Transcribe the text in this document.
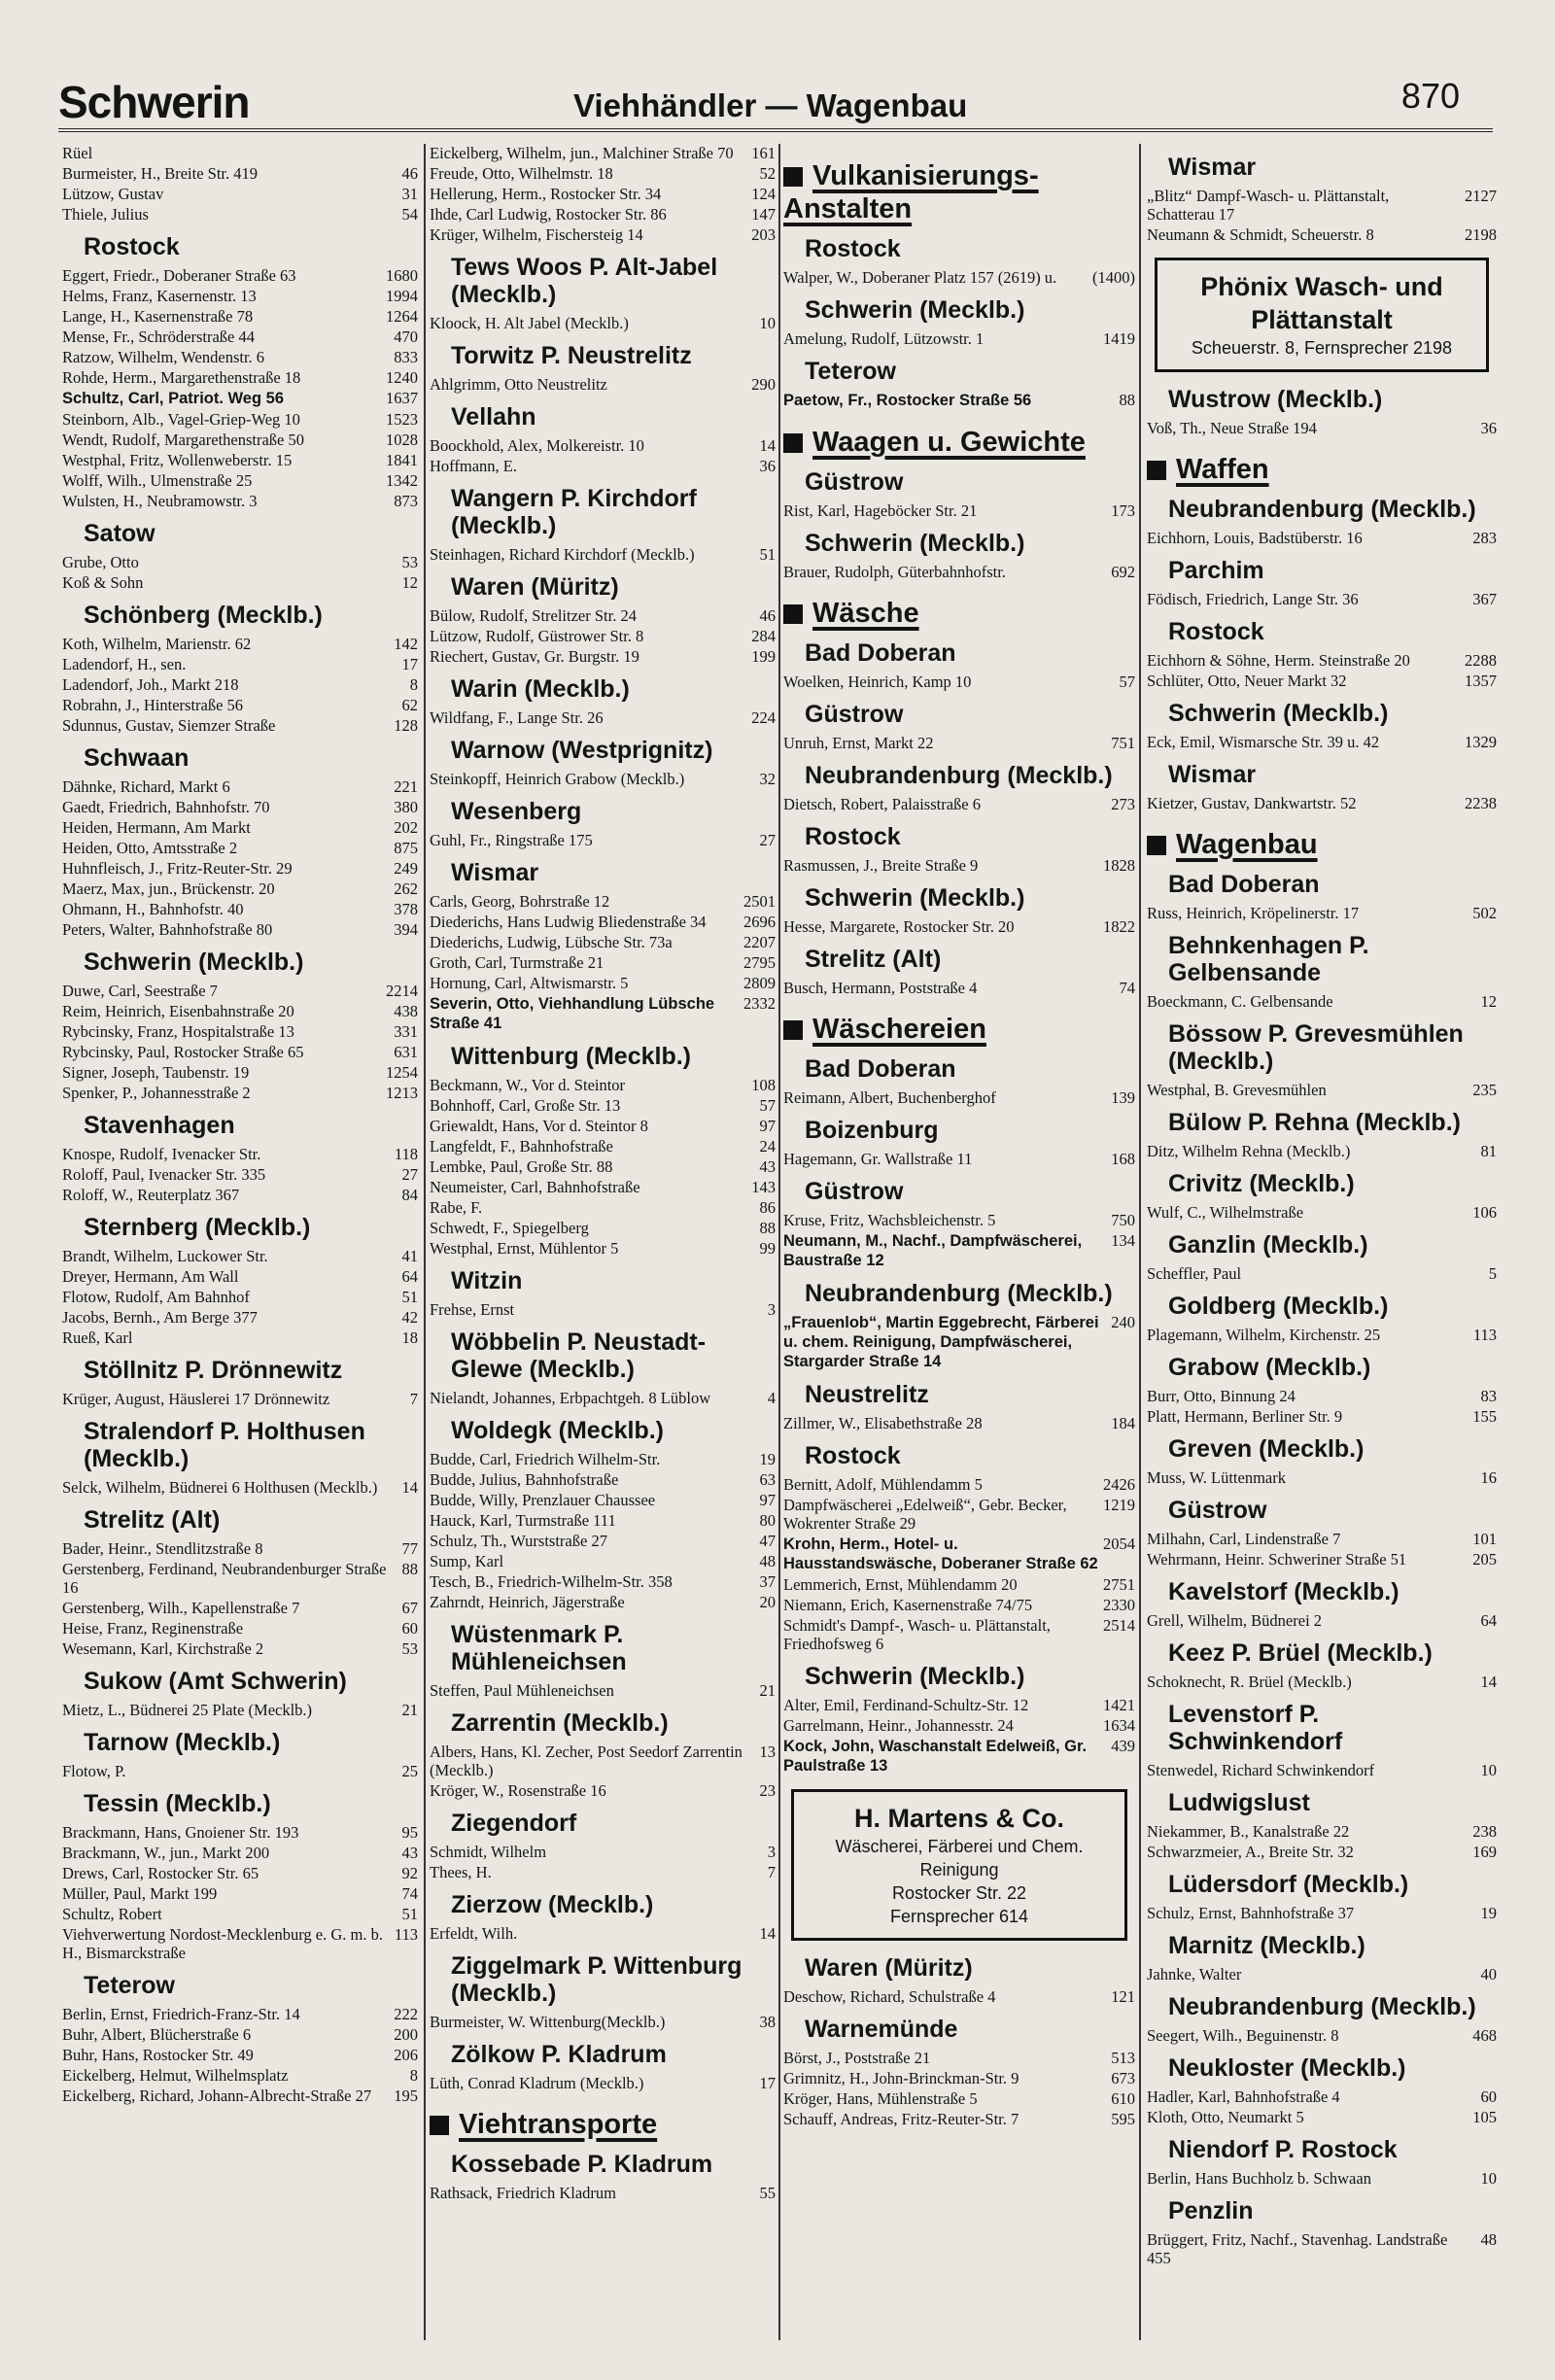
Schwerin	Viehhändler — Wagenbau	870
Rüel
46
Burmeister, H., Breite Str. 419
31
Lützow, Gustav
54
Thiele, Julius
Rostock
1680
Eggert, Friedr., Doberaner Straße 63
1994
Helms, Franz, Kasernenstr. 13
1264
Lange, H., Kasernenstraße 78
470
Mense, Fr., Schröderstraße 44
833
Ratzow, Wilhelm, Wendenstr. 6
1240
Rohde, Herm., Margarethenstraße 18
1637
Schultz, Carl, Patriot. Weg 56
1523
Steinborn, Alb., Vagel-Griep-Weg 10
1028
Wendt, Rudolf, Margarethenstraße 50
1841
Westphal, Fritz, Wollenweberstr. 15
1342
Wolff, Wilh., Ulmenstraße 25
873
Wulsten, H., Neubramowstr. 3
Satow
53
Grube, Otto
12
Koß & Sohn
Schönberg (Mecklb.)
142
Koth, Wilhelm, Marienstr. 62
17
Ladendorf, H., sen.
8
Ladendorf, Joh., Markt 218
62
Robrahn, J., Hinterstraße 56
128
Sdunnus, Gustav, Siemzer Straße
Schwaan
221
Dähnke, Richard, Markt 6
380
Gaedt, Friedrich, Bahnhofstr. 70
202
Heiden, Hermann, Am Markt
875
Heiden, Otto, Amtsstraße 2
249
Huhnfleisch, J., Fritz-Reuter-Str. 29
262
Maerz, Max, jun., Brückenstr. 20
378
Ohmann, H., Bahnhofstr. 40
394
Peters, Walter, Bahnhofstraße 80
Schwerin (Mecklb.)
2214
Duwe, Carl, Seestraße 7
438
Reim, Heinrich, Eisenbahnstraße 20
331
Rybcinsky, Franz, Hospitalstraße 13
631
Rybcinsky, Paul, Rostocker Straße 65
1254
Signer, Joseph, Taubenstr. 19
1213
Spenker, P., Johannesstraße 2
Stavenhagen
118
Knospe, Rudolf, Ivenacker Str.
27
Roloff, Paul, Ivenacker Str. 335
84
Roloff, W., Reuterplatz 367
Sternberg (Mecklb.)
41
Brandt, Wilhelm, Luckower Str.
64
Dreyer, Hermann, Am Wall
51
Flotow, Rudolf, Am Bahnhof
42
Jacobs, Bernh., Am Berge 377
18
Rueß, Karl
Stöllnitz P. Drönnewitz
7
Krüger, August, Häuslerei 17 Drönnewitz
Stralendorf P. Holthusen (Mecklb.)
14
Selck, Wilhelm, Büdnerei 6 Holthusen (Mecklb.)
Strelitz (Alt)
77
Bader, Heinr., Stendlitzstraße 8
88
Gerstenberg, Ferdinand, Neubrandenburger Straße 16
67
Gerstenberg, Wilh., Kapellenstraße 7
60
Heise, Franz, Reginenstraße
53
Wesemann, Karl, Kirchstraße 2
Sukow (Amt Schwerin)
21
Mietz, L., Büdnerei 25 Plate (Mecklb.)
Tarnow (Mecklb.)
25
Flotow, P.
Tessin (Mecklb.)
95
Brackmann, Hans, Gnoiener Str. 193
43
Brackmann, W., jun., Markt 200
92
Drews, Carl, Rostocker Str. 65
74
Müller, Paul, Markt 199
51
Schultz, Robert
113
Viehverwertung Nordost-Mecklenburg e. G. m. b. H., Bismarckstraße
Teterow
222
Berlin, Ernst, Friedrich-Franz-Str. 14
200
Buhr, Albert, Blücherstraße 6
206
Buhr, Hans, Rostocker Str. 49
8
Eickelberg, Helmut, Wilhelmsplatz
195
Eickelberg, Richard, Johann-Albrecht-Straße 27
161
Eickelberg, Wilhelm, jun., Malchiner Straße 70
52
Freude, Otto, Wilhelmstr. 18
124
Hellerung, Herm., Rostocker Str. 34
147
Ihde, Carl Ludwig, Rostocker Str. 86
203
Krüger, Wilhelm, Fischersteig 14
Tews Woos P. Alt-Jabel (Mecklb.)
10
Kloock, H. Alt Jabel (Mecklb.)
Torwitz P. Neustrelitz
290
Ahlgrimm, Otto Neustrelitz
Vellahn
14
Boockhold, Alex, Molkereistr. 10
36
Hoffmann, E.
Wangern P. Kirchdorf (Mecklb.)
51
Steinhagen, Richard Kirchdorf (Mecklb.)
Waren (Müritz)
46
Bülow, Rudolf, Strelitzer Str. 24
284
Lützow, Rudolf, Güstrower Str. 8
199
Riechert, Gustav, Gr. Burgstr. 19
Warin (Mecklb.)
224
Wildfang, F., Lange Str. 26
Warnow (Westprignitz)
32
Steinkopff, Heinrich Grabow (Mecklb.)
Wesenberg
27
Guhl, Fr., Ringstraße 175
Wismar
2501
Carls, Georg, Bohrstraße 12
2696
Diederichs, Hans Ludwig Bliedenstraße 34
2207
Diederichs, Ludwig, Lübsche Str. 73a
2795
Groth, Carl, Turmstraße 21
2809
Hornung, Carl, Altwismarstr. 5
2332
Severin, Otto, Viehhandlung Lübsche Straße 41
Wittenburg (Mecklb.)
108
Beckmann, W., Vor d. Steintor
57
Bohnhoff, Carl, Große Str. 13
97
Griewaldt, Hans, Vor d. Steintor 8
24
Langfeldt, F., Bahnhofstraße
43
Lembke, Paul, Große Str. 88
143
Neumeister, Carl, Bahnhofstraße
86
Rabe, F.
88
Schwedt, F., Spiegelberg
99
Westphal, Ernst, Mühlentor 5
Witzin
3
Frehse, Ernst
Wöbbelin P. Neustadt-Glewe (Mecklb.)
4
Nielandt, Johannes, Erbpachtgeh. 8 Lüblow
Woldegk (Mecklb.)
19
Budde, Carl, Friedrich Wilhelm-Str.
63
Budde, Julius, Bahnhofstraße
97
Budde, Willy, Prenzlauer Chaussee
80
Hauck, Karl, Turmstraße 111
47
Schulz, Th., Wurststraße 27
48
Sump, Karl
37
Tesch, B., Friedrich-Wilhelm-Str. 358
20
Zahrndt, Heinrich, Jägerstraße
Wüstenmark P. Mühleneichsen
21
Steffen, Paul Mühleneichsen
Zarrentin (Mecklb.)
13
Albers, Hans, Kl. Zecher, Post Seedorf Zarrentin (Mecklb.)
23
Kröger, W., Rosenstraße 16
Ziegendorf
3
Schmidt, Wilhelm
7
Thees, H.
Zierzow (Mecklb.)
14
Erfeldt, Wilh.
Ziggelmark P. Wittenburg (Mecklb.)
38
Burmeister, W. Wittenburg(Mecklb.)
Zölkow P. Kladrum
17
Lüth, Conrad Kladrum (Mecklb.)
Viehtransporte
Kossebade P. Kladrum
55
Rathsack, Friedrich Kladrum
Vulkanisierungs-Anstalten
Rostock
(1400)
Walper, W., Doberaner Platz 157 (2619) u.
Schwerin (Mecklb.)
1419
Amelung, Rudolf, Lützowstr. 1
Teterow
88
Paetow, Fr., Rostocker Straße 56
Waagen u. Gewichte
Güstrow
173
Rist, Karl, Hageböcker Str. 21
Schwerin (Mecklb.)
692
Brauer, Rudolph, Güterbahnhofstr.
Wäsche
Bad Doberan
57
Woelken, Heinrich, Kamp 10
Güstrow
751
Unruh, Ernst, Markt 22
Neubrandenburg (Mecklb.)
273
Dietsch, Robert, Palaisstraße 6
Rostock
1828
Rasmussen, J., Breite Straße 9
Schwerin (Mecklb.)
1822
Hesse, Margarete, Rostocker Str. 20
Strelitz (Alt)
74
Busch, Hermann, Poststraße 4
Wäschereien
Bad Doberan
139
Reimann, Albert, Buchenberghof
Boizenburg
168
Hagemann, Gr. Wallstraße 11
Güstrow
750
Kruse, Fritz, Wachsbleichenstr. 5
134
Neumann, M., Nachf., Dampfwäscherei, Baustraße 12
Neubrandenburg (Mecklb.)
240
„Frauenlob“, Martin Eggebrecht, Färberei u. chem. Reinigung, Dampfwäscherei, Stargarder Straße 14
Neustrelitz
184
Zillmer, W., Elisabethstraße 28
Rostock
2426
Bernitt, Adolf, Mühlendamm 5
1219
Dampfwäscherei „Edelweiß“, Gebr. Becker, Wokrenter Straße 29
2054
Krohn, Herm., Hotel- u. Hausstandswäsche, Doberaner Straße 62
2751
Lemmerich, Ernst, Mühlendamm 20
2330
Niemann, Erich, Kasernenstraße 74/75
2514
Schmidt's Dampf-, Wasch- u. Plättanstalt, Friedhofsweg 6
Schwerin (Mecklb.)
1421
Alter, Emil, Ferdinand-Schultz-Str. 12
1634
Garrelmann, Heinr., Johannesstr. 24
439
Kock, John, Waschanstalt Edelweiß, Gr. Paulstraße 13
H. Martens & Co.
Wäscherei, Färberei und Chem.
Reinigung
Rostocker Str. 22
Fernsprecher 614
Waren (Müritz)
121
Deschow, Richard, Schulstraße 4
Warnemünde
513
Börst, J., Poststraße 21
673
Grimnitz, H., John-Brinckman-Str. 9
610
Kröger, Hans, Mühlenstraße 5
595
Schauff, Andreas, Fritz-Reuter-Str. 7
Wismar
2127
„Blitz“ Dampf-Wasch- u. Plättanstalt, Schatterau 17
2198
Neumann & Schmidt, Scheuerstr. 8
Phönix Wasch- und Plättanstalt
Scheuerstr. 8, Fernsprecher 2198
Wustrow (Mecklb.)
36
Voß, Th., Neue Straße 194
Waffen
Neubrandenburg (Mecklb.)
283
Eichhorn, Louis, Badstüberstr. 16
Parchim
367
Födisch, Friedrich, Lange Str. 36
Rostock
2288
Eichhorn & Söhne, Herm. Steinstraße 20
1357
Schlüter, Otto, Neuer Markt 32
Schwerin (Mecklb.)
1329
Eck, Emil, Wismarsche Str. 39 u. 42
Wismar
2238
Kietzer, Gustav, Dankwartstr. 52
Wagenbau
Bad Doberan
502
Russ, Heinrich, Kröpelinerstr. 17
Behnkenhagen P. Gelbensande
12
Boeckmann, C. Gelbensande
Bössow P. Grevesmühlen (Mecklb.)
235
Westphal, B. Grevesmühlen
Bülow P. Rehna (Mecklb.)
81
Ditz, Wilhelm Rehna (Mecklb.)
Crivitz (Mecklb.)
106
Wulf, C., Wilhelmstraße
Ganzlin (Mecklb.)
5
Scheffler, Paul
Goldberg (Mecklb.)
113
Plagemann, Wilhelm, Kirchenstr. 25
Grabow (Mecklb.)
83
Burr, Otto, Binnung 24
155
Platt, Hermann, Berliner Str. 9
Greven (Mecklb.)
16
Muss, W. Lüttenmark
Güstrow
101
Milhahn, Carl, Lindenstraße 7
205
Wehrmann, Heinr. Schweriner Straße 51
Kavelstorf (Mecklb.)
64
Grell, Wilhelm, Büdnerei 2
Keez P. Brüel (Mecklb.)
14
Schoknecht, R. Brüel (Mecklb.)
Levenstorf P. Schwinkendorf
10
Stenwedel, Richard Schwinkendorf
Ludwigslust
238
Niekammer, B., Kanalstraße 22
169
Schwarzmeier, A., Breite Str. 32
Lüdersdorf (Mecklb.)
19
Schulz, Ernst, Bahnhofstraße 37
Marnitz (Mecklb.)
40
Jahnke, Walter
Neubrandenburg (Mecklb.)
468
Seegert, Wilh., Beguinenstr. 8
Neukloster (Mecklb.)
60
Hadler, Karl, Bahnhofstraße 4
105
Kloth, Otto, Neumarkt 5
Niendorf P. Rostock
10
Berlin, Hans Buchholz b. Schwaan
Penzlin
48
Brüggert, Fritz, Nachf., Stavenhag. Landstraße 455
